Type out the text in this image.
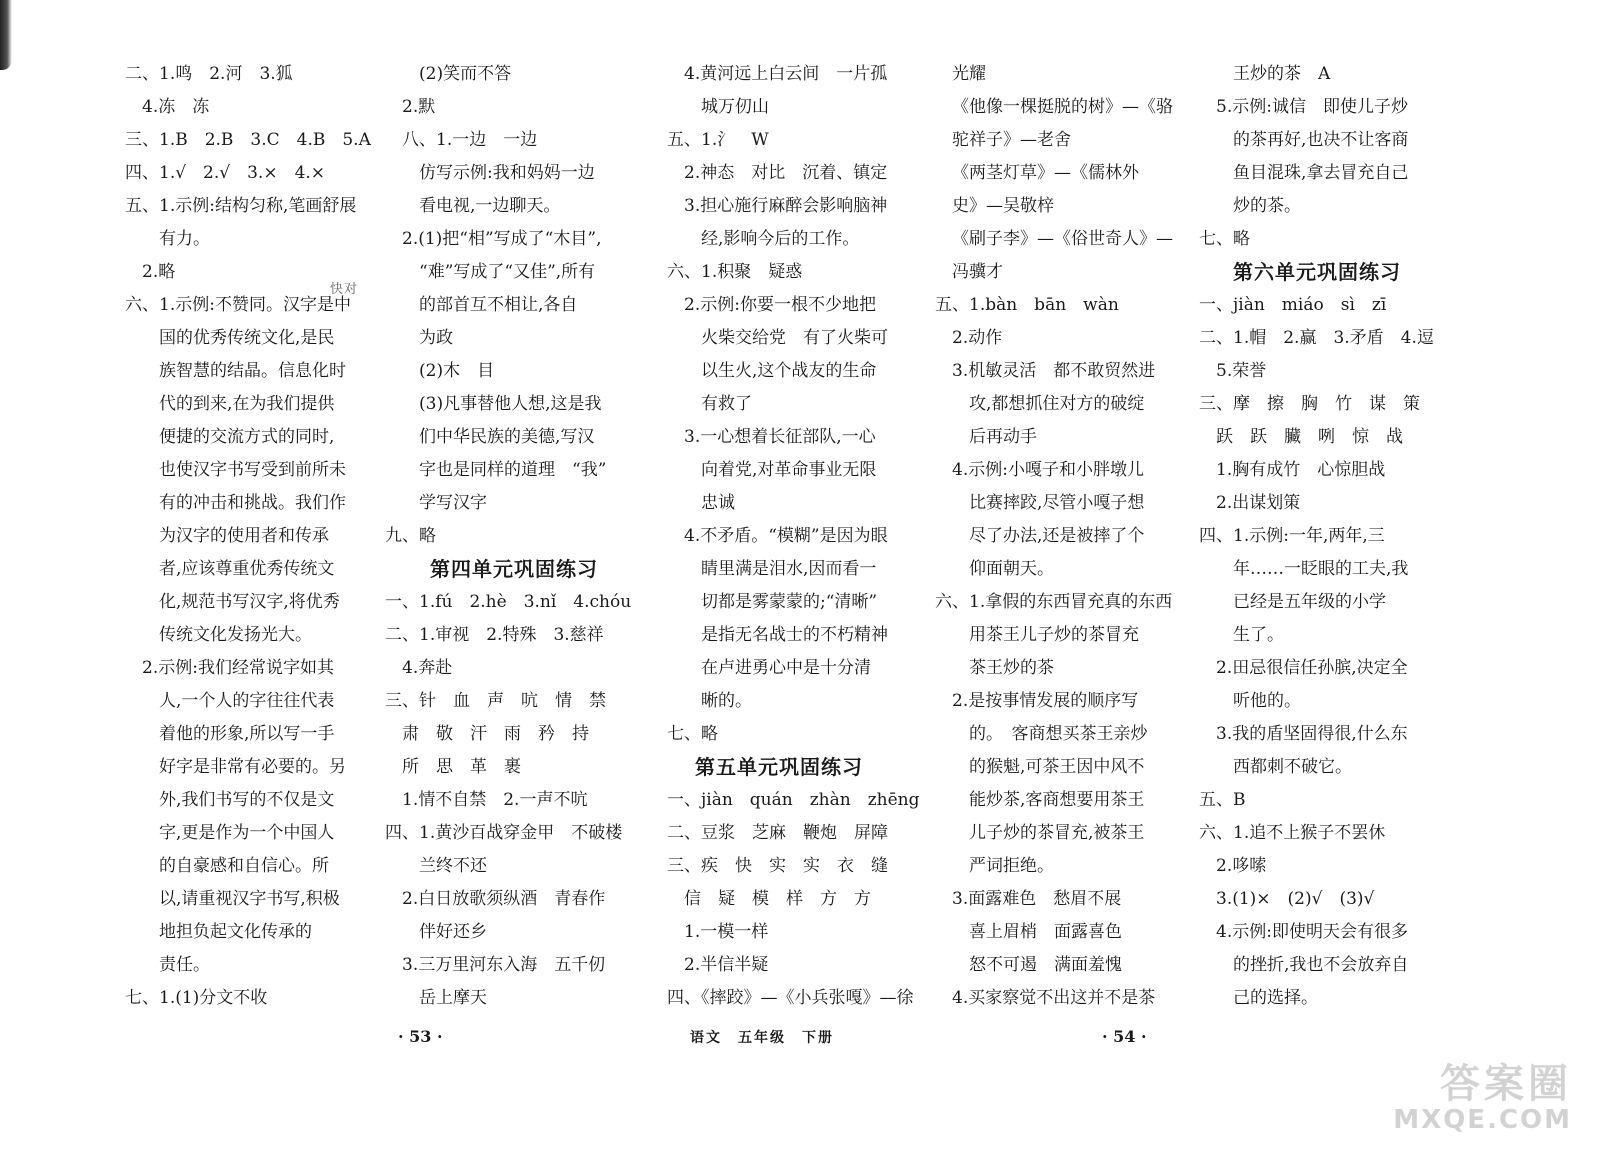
二、1.鸣　2.河　3.狐
4.冻　冻
三、1.B　2.B　3.C　4.B　5.A
四、1.√　2.√　3.×　4.×
五、1.示例:结构匀称,笔画舒展
有力。
2.略
六、1.示例:不赞同。汉字是中
国的优秀传统文化,是民
族智慧的结晶。信息化时
代的到来,在为我们提供
便捷的交流方式的同时,
也使汉字书写受到前所未
有的冲击和挑战。我们作
为汉字的使用者和传承
者,应该尊重优秀传统文
化,规范书写汉字,将优秀
传统文化发扬光大。
2.示例:我们经常说字如其
人,一个人的字往往代表
着他的形象,所以写一手
好字是非常有必要的。另
外,我们书写的不仅是文
字,更是作为一个中国人
的自豪感和自信心。所
以,请重视汉字书写,积极
地担负起文化传承的
责任。
七、1.(1)分文不收
(2)笑而不答
2.默
八、1.一边　一边
仿写示例:我和妈妈一边
看电视,一边聊天。
2.(1)把“相”写成了“木目”,
“难”写成了“又佳”,所有
的部首互不相让,各自
为政
(2)木　目
(3)凡事替他人想,这是我
们中华民族的美德,写汉
字也是同样的道理　“我”
学写汉字
九、略
第四单元巩固练习
一、1.fú　2.hè　3.nǐ　4.chóu
二、1.审视　2.特殊　3.慈祥
4.奔赴
三、针　血　声　吭　情　禁
肃　敬　汗　雨　矜　持
所　思　革　裹
1.情不自禁　2.一声不吭
四、1.黄沙百战穿金甲　不破楼
兰终不还
2.白日放歌须纵酒　青春作
伴好还乡
3.三万里河东入海　五千仞
岳上摩天
4.黄河远上白云间　一片孤
城万仞山
五、1.氵　W
2.神态　对比　沉着、镇定
3.担心施行麻醉会影响脑神
经,影响今后的工作。
六、1.积聚　疑惑
2.示例:你要一根不少地把
火柴交给党　有了火柴可
以生火,这个战友的生命
有救了
3.一心想着长征部队,一心
向着党,对革命事业无限
忠诚
4.不矛盾。“模糊”是因为眼
睛里满是泪水,因而看一
切都是雾蒙蒙的;“清晰”
是指无名战士的不朽精神
在卢进勇心中是十分清
晰的。
七、略
第五单元巩固练习
一、jiàn　quán　zhàn　zhēng
二、豆浆　芝麻　鞭炮　屏障
三、疾　快　实　实　衣　缝
信　疑　模　样　方　方
1.一模一样
2.半信半疑
四、《摔跤》—《小兵张嘎》—徐
光耀
《他像一棵挺脱的树》—《骆
驼祥子》—老舍
《两茎灯草》—《儒林外
史》—吴敬梓
《刷子李》—《俗世奇人》—
冯骥才
五、1.bàn　bān　wàn
2.动作
3.机敏灵活　都不敢贸然进
攻,都想抓住对方的破绽
后再动手
4.示例:小嘎子和小胖墩儿
比赛摔跤,尽管小嘎子想
尽了办法,还是被摔了个
仰面朝天。
六、1.拿假的东西冒充真的东西
用茶王儿子炒的茶冒充
茶王炒的茶
2.是按事情发展的顺序写
的。　客商想买茶王亲炒
的猴魁,可茶王因中风不
能炒茶,客商想要用茶王
儿子炒的茶冒充,被茶王
严词拒绝。
3.面露难色　愁眉不展
喜上眉梢　面露喜色
怒不可遏　满面羞愧
4.买家察觉不出这并不是茶
王炒的茶　A
5.示例:诚信　即使儿子炒
的茶再好,也决不让客商
鱼目混珠,拿去冒充自己
炒的茶。
七、略
第六单元巩固练习
一、jiàn　miáo　sì　zī
二、1.帽　2.赢　3.矛盾　4.逗
5.荣誉
三、摩　擦　胸　竹　谋　策
跃　跃　臟　咧　惊　战
1.胸有成竹　心惊胆战
2.出谋划策
四、1.示例:一年,两年,三
年……一眨眼的工夫,我
已经是五年级的小学
生了。
2.田忌很信任孙膑,决定全
听他的。
3.我的盾坚固得很,什么东
西都刺不破它。
五、B
六、1.追不上猴子不罢休
2.哆嗦
3.(1)×　(2)√　(3)√
4.示例:即使明天会有很多
的挫折,我也不会放弃自
己的选择。
快对
· 53 ·	语文　五年级　下册	· 54 ·
答案圈
MXQE.COM
